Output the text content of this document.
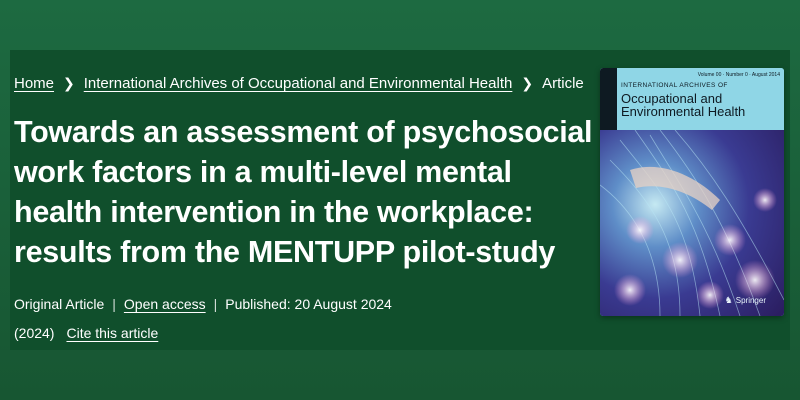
Home ❯ International Archives of Occupational and Environmental Health ❯ Article
Towards an assessment of psychosocial work factors in a multi-level mental health intervention in the workplace: results from the MENTUPP pilot-study
Original Article | Open access | Published: 20 August 2024
(2024) Cite this article
Volume 00 · Number 0 · August 2014
INTERNATIONAL ARCHIVES OF
Occupational and Environmental Health
♞ Springer
